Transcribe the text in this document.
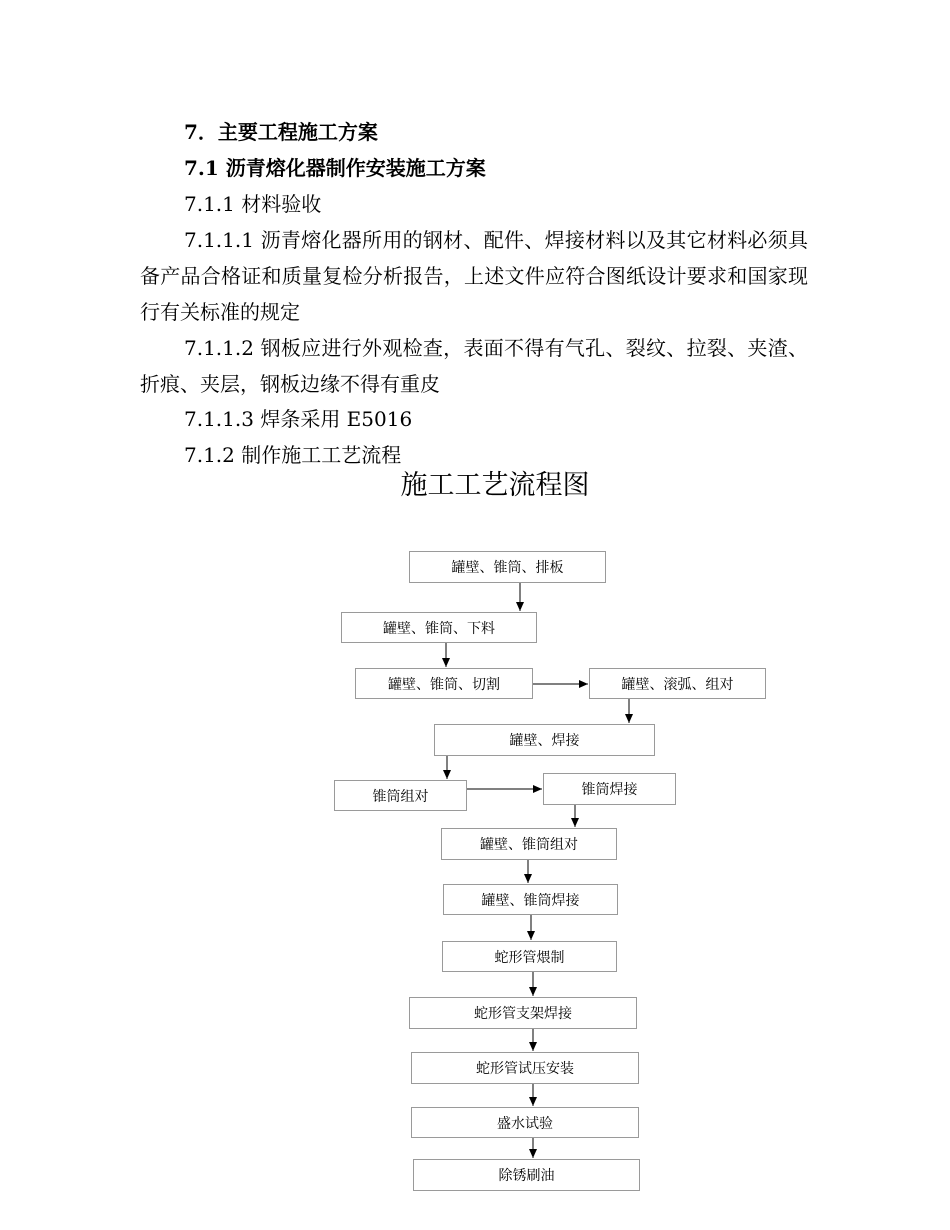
7．主要工程施工方案
7.1 沥青熔化器制作安装施工方案
7.1.1 材料验收
7.1.1.1 沥青熔化器所用的钢材、配件、焊接材料以及其它材料必须具备产品合格证和质量复检分析报告，上述文件应符合图纸设计要求和国家现行有关标准的规定
7.1.1.2 钢板应进行外观检查，表面不得有气孔、裂纹、拉裂、夹渣、折痕、夹层，钢板边缘不得有重皮
7.1.1.3 焊条采用 E5016
7.1.2 制作施工工艺流程
施工工艺流程图
罐壁、锥筒、排板
罐壁、锥筒、下料
罐壁、锥筒、切割	罐壁、滚弧、组对
罐壁、焊接
锥筒组对	锥筒焊接
罐壁、锥筒组对
罐壁、锥筒焊接
蛇形管煨制
蛇形管支架焊接
蛇形管试压安装
盛水试验
除锈刷油
